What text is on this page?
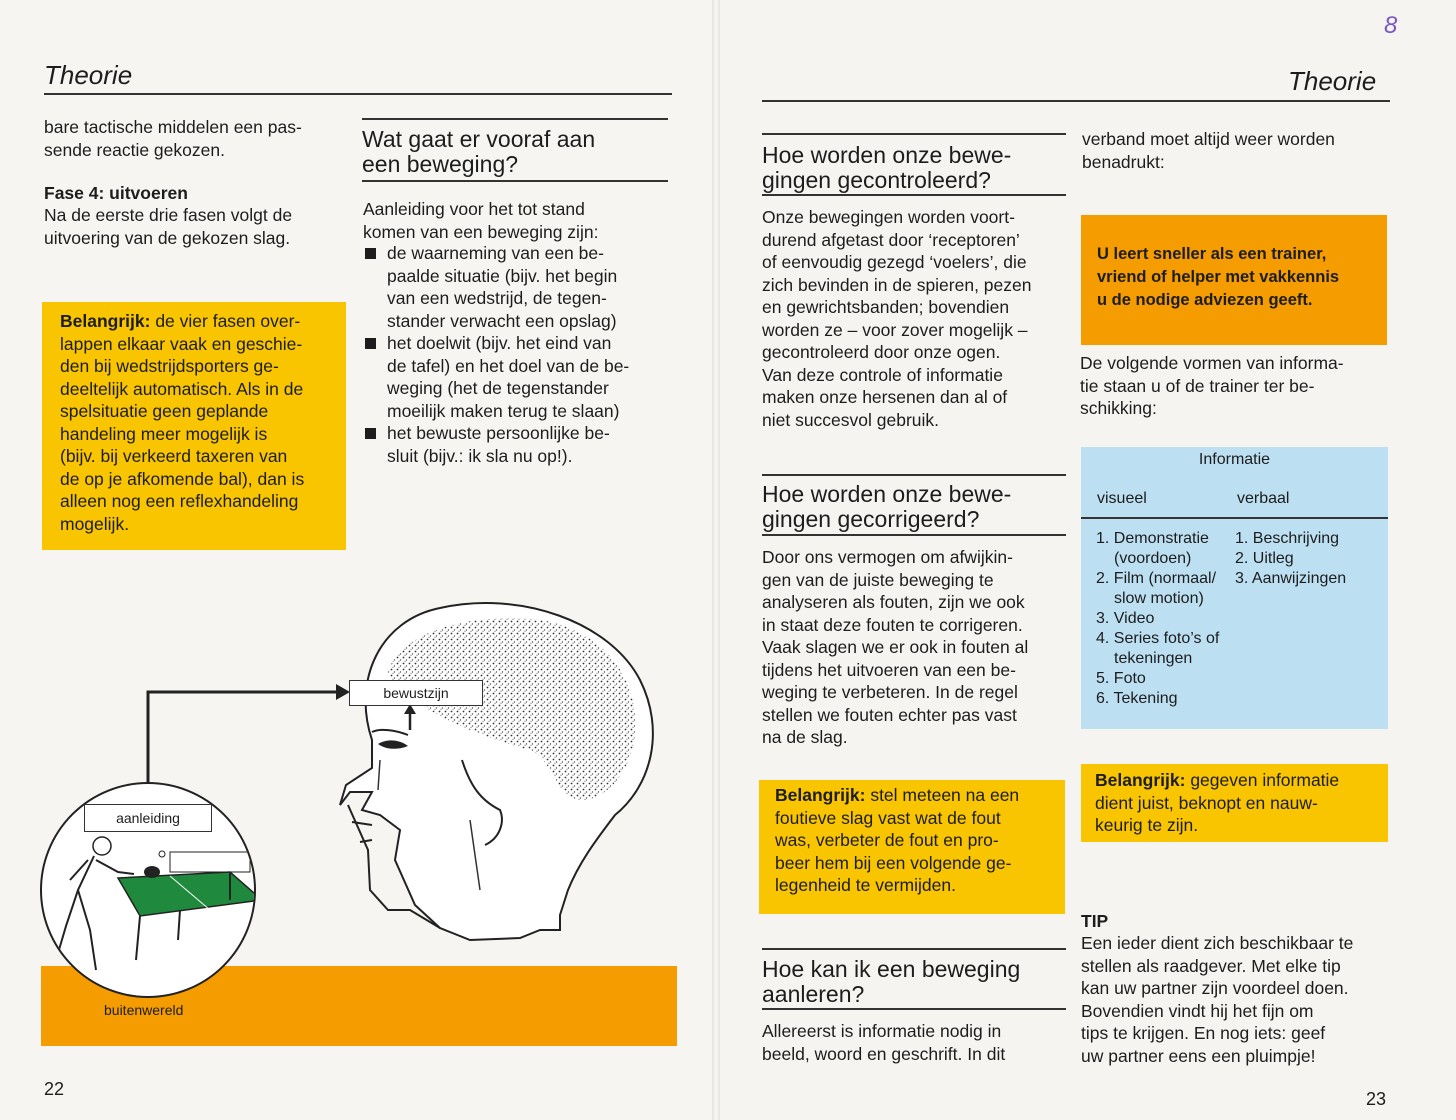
Theorie
bare tactische middelen een pas-
sende reactie gekozen.
Fase 4: uitvoeren
Na de eerste drie fasen volgt de
uitvoering van de gekozen slag.
Belangrijk: de vier fasen over-
lappen elkaar vaak en geschie-
den bij wedstrijdsporters ge-
deeltelijk automatisch. Als in de
spelsituatie geen geplande
handeling meer mogelijk is
(bijv. bij verkeerd taxeren van
de op je afkomende bal), dan is
alleen nog een reflexhandeling
mogelijk.
Wat gaat er vooraf aan
een beweging?
Aanleiding voor het tot stand
komen van een beweging zijn:
de waarneming van een be-
paalde situatie (bijv. het begin
van een wedstrijd, de tegen-
stander verwacht een opslag)
het doelwit (bijv. het eind van
de tafel) en het doel van de be-
weging (het de tegenstander
moeilijk maken terug te slaan)
het bewuste persoonlijke be-
sluit (bijv.: ik sla nu op!).
bewustzijn
aanleiding
buitenwereld
22
8
Theorie
Hoe worden onze bewe-
gingen gecontroleerd?
Onze bewegingen worden voort-
durend afgetast door ‘receptoren’
of eenvoudig gezegd ‘voelers’, die
zich bevinden in de spieren, pezen
en gewrichtsbanden; bovendien
worden ze – voor zover mogelijk –
gecontroleerd door onze ogen.
Van deze controle of informatie
maken onze hersenen dan al of
niet succesvol gebruik.
Hoe worden onze bewe-
gingen gecorrigeerd?
Door ons vermogen om afwijkin-
gen van de juiste beweging te
analyseren als fouten, zijn we ook
in staat deze fouten te corrigeren.
Vaak slagen we er ook in fouten al
tijdens het uitvoeren van een be-
weging te verbeteren. In de regel
stellen we fouten echter pas vast
na de slag.
Belangrijk: stel meteen na een
foutieve slag vast wat de fout
was, verbeter de fout en pro-
beer hem bij een volgende ge-
legenheid te vermijden.
Hoe kan ik een beweging
aanleren?
Allereerst is informatie nodig in
beeld, woord en geschrift. In dit
verband moet altijd weer worden
benadrukt:
U leert sneller als een trainer,
vriend of helper met vakkennis
u de nodige adviezen geeft.
De volgende vormen van informa-
tie staan u of de trainer ter be-
schikking:
Informatie
visueel	verbaal
1. Demonstratie
(voordoen)
2. Film (normaal/
slow motion)
3. Video
4. Series foto’s of
tekeningen
5. Foto
6. Tekening
1. Beschrijving
2. Uitleg
3. Aanwijzingen
Belangrijk: gegeven informatie
dient juist, beknopt en nauw-
keurig te zijn.
TIP
Een ieder dient zich beschikbaar te
stellen als raadgever. Met elke tip
kan uw partner zijn voordeel doen.
Bovendien vindt hij het fijn om
tips te krijgen. En nog iets: geef
uw partner eens een pluimpje!
23
